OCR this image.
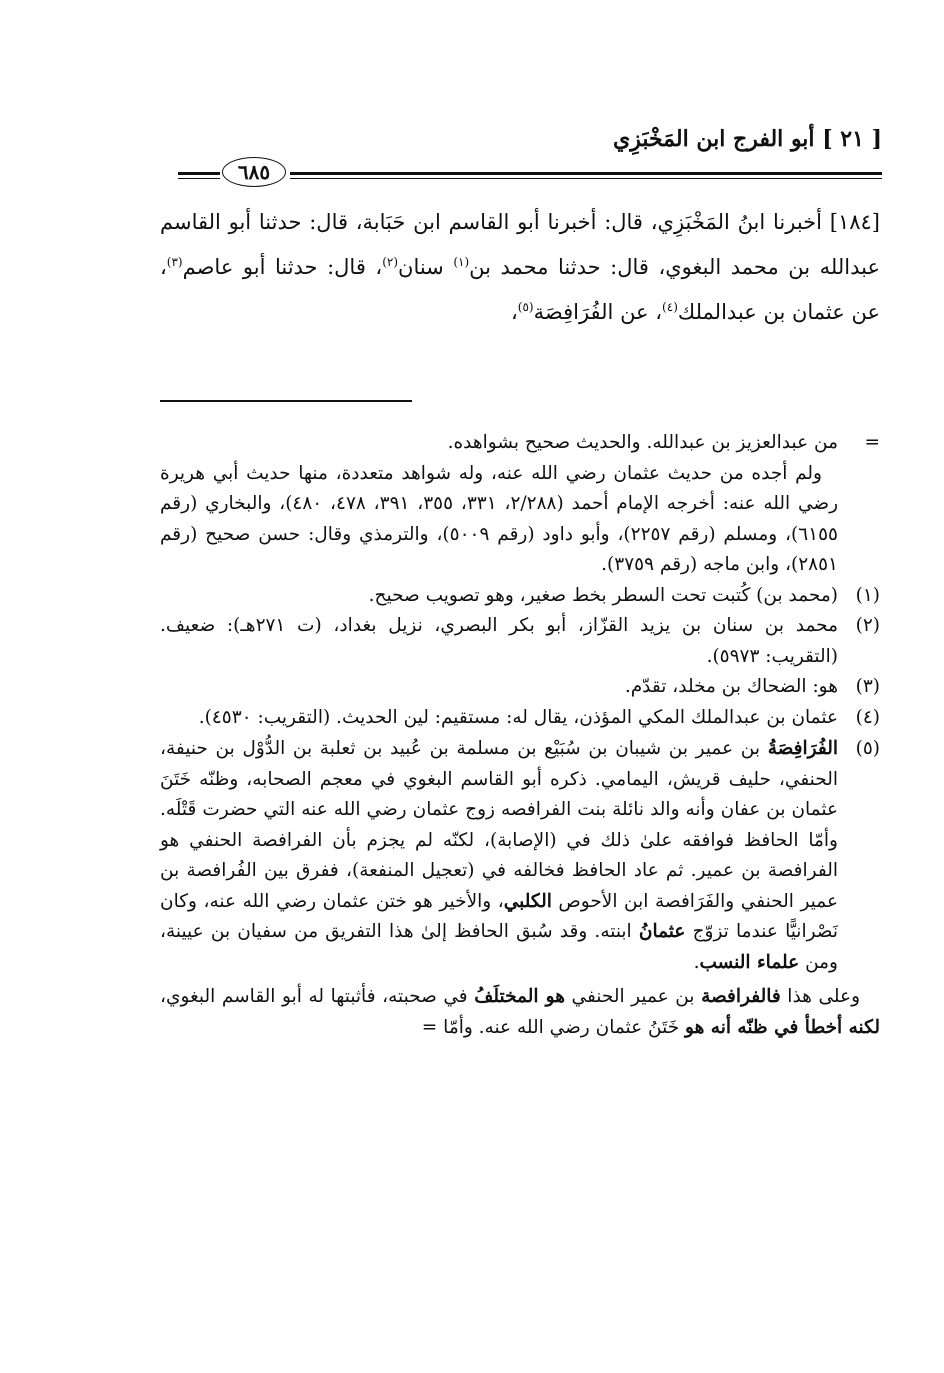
[ ٢١ ] أبو الفرج ابن المَخْبَزِي
٦٨٥

[١٨٤] أخبرنا ابنُ المَخْبَزِي، قال: أخبرنا أبو القاسم ابن حَبَابة، قال: حدثنا أبو القاسم عبدالله بن محمد البغوي، قال: حدثنا محمد بن$^{(١)}$ سنان$^{(٢)}$، قال: حدثنا أبو عاصم$^{(٣)}$، عن عثمان بن عبدالملك$^{(٤)}$، عن الفُرَافِصَة$^{(٥)}$،

=

من عبدالعزيز بن عبدالله. والحديث صحيح بشواهده.

ولم أجده من حديث عثمان رضي الله عنه، وله شواهد متعددة، منها حديث أبي هريرة رضي الله عنه: أخرجه الإمام أحمد (٢/٢٨٨، ٣٣١، ٣٥٥، ٣٩١، ٤٧٨، ٤٨٠)، والبخاري (رقم ٦١٥٥)، ومسلم (رقم ٢٢٥٧)، وأبو داود (رقم ٥٠٠٩)، والترمذي وقال: حسن صحيح (رقم ٢٨٥١)، وابن ماجه (رقم ٣٧٥٩).

(١)

(محمد بن) كُتبت تحت السطر بخط صغير، وهو تصويب صحيح.

(٢)

محمد بن سنان بن يزيد القزّاز، أبو بكر البصري، نزيل بغداد، (ت ٢٧١هـ): ضعيف. (التقريب: ٥٩٧٣).

(٣)

هو: الضحاك بن مخلد، تقدّم.

(٤)

عثمان بن عبدالملك المكي المؤذن، يقال له: مستقيم: لين الحديث. (التقريب: ٤٥٣٠).

(٥)

الفُرَافِصَةُ بن عمير بن شيبان بن سُبَيْع بن مسلمة بن عُبيد بن ثعلبة بن الدُّوْل بن حنيفة، الحنفي، حليف قريش، اليمامي. ذكره أبو القاسم البغوي في معجم الصحابه، وظنّه خَتَنَ عثمان بن عفان وأنه والد نائلة بنت الفرافصه زوج عثمان رضي الله عنه التي حضرت قَتْلَه. وأمّا الحافظ فوافقه علىٰ ذلك في (الإصابة)، لكنّه لم يجزم بأن الفرافصة الحنفي هو الفرافصة بن عمير. ثم عاد الحافظ فخالفه في (تعجيل المنفعة)، ففرق بين الفُرافصة بن عمير الحنفي والفَرَافصة ابن الأحوص الكلبي، والأخير هو ختن عثمان رضي الله عنه، وكان نَصْرانيًّا عندما تزوّج عثمانُ ابنته. وقد سُبق الحافظ إلىٰ هذا التفريق من سفيان بن عيينة، ومن علماء النسب.

وعلى هذا فالفرافصة بن عمير الحنفي هو المختلَفُ في صحبته، فأثبتها له أبو القاسم البغوي، لكنه أخطأ في ظنّه أنه هو خَتَنُ عثمان رضي الله عنه. وأمّا =
